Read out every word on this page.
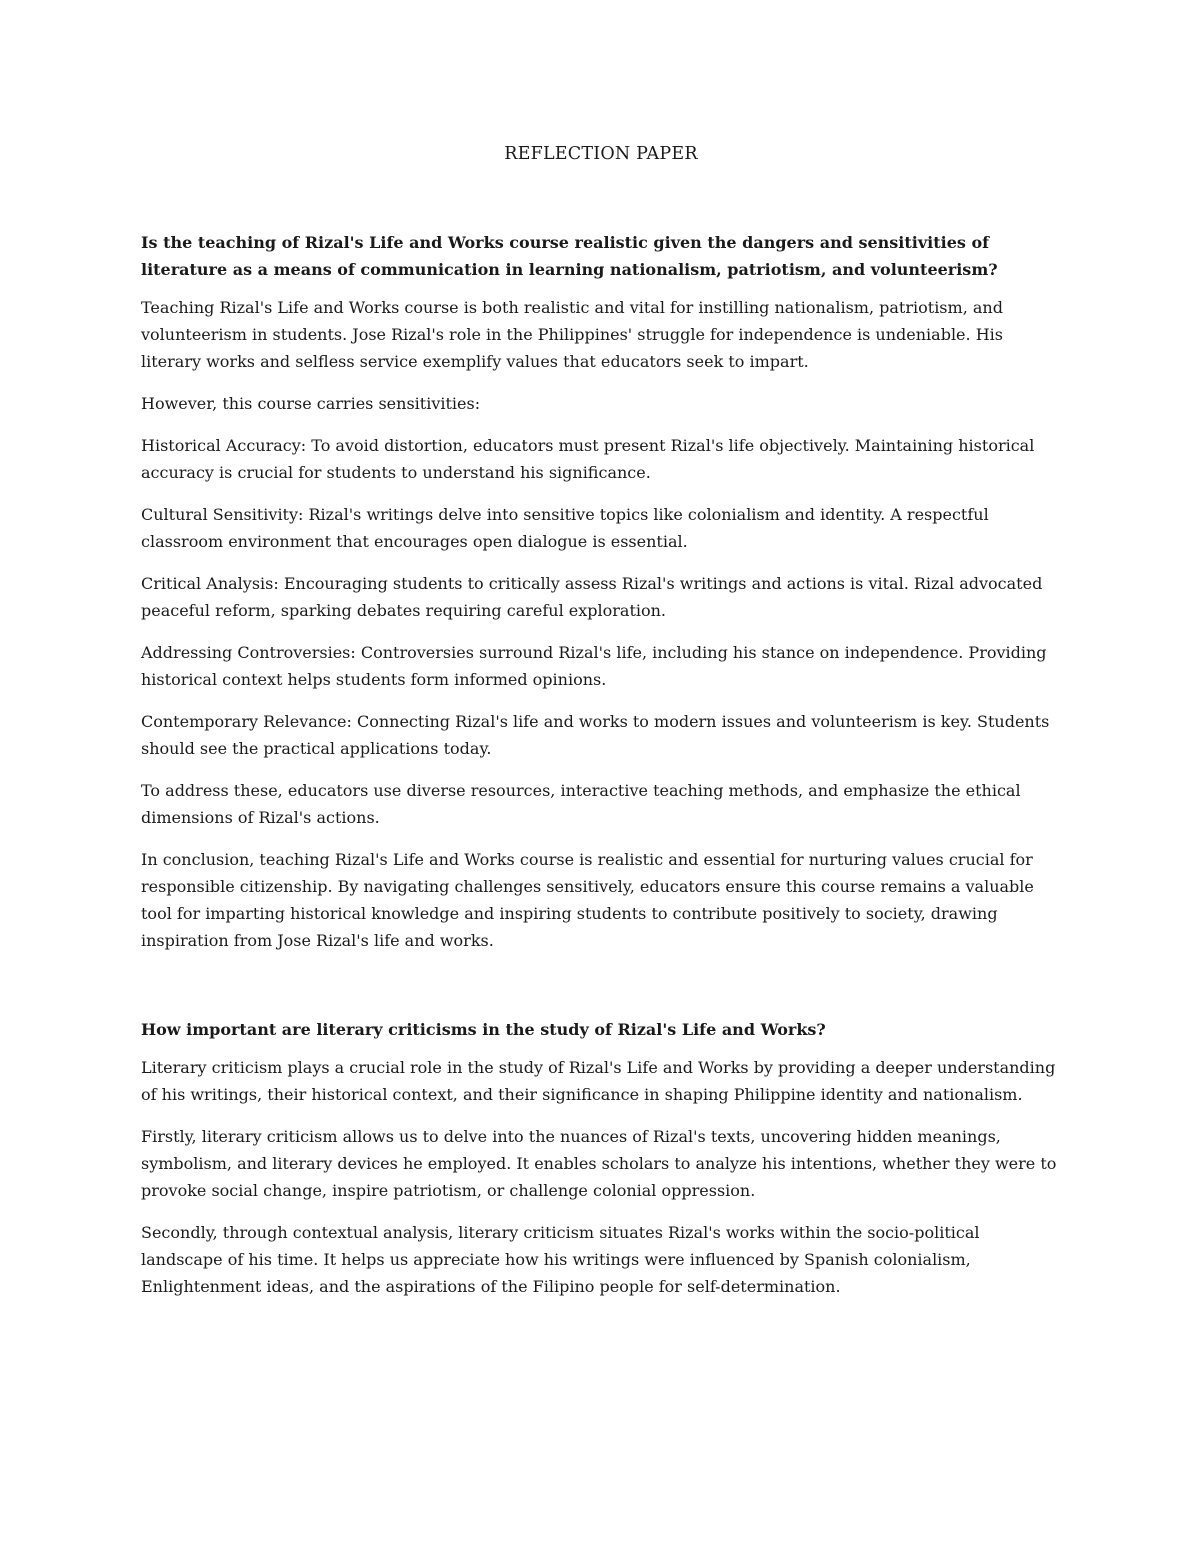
REFLECTION PAPER

Is the teaching of Rizal's Life and Works course realistic given the dangers and sensitivities of literature as a means of communication in learning nationalism, patriotism, and volunteerism?

Teaching Rizal's Life and Works course is both realistic and vital for instilling nationalism, patriotism, and volunteerism in students. Jose Rizal's role in the Philippines' struggle for independence is undeniable. His literary works and selfless service exemplify values that educators seek to impart.

However, this course carries sensitivities:

Historical Accuracy: To avoid distortion, educators must present Rizal's life objectively. Maintaining historical accuracy is crucial for students to understand his significance.

Cultural Sensitivity: Rizal's writings delve into sensitive topics like colonialism and identity. A respectful classroom environment that encourages open dialogue is essential.

Critical Analysis: Encouraging students to critically assess Rizal's writings and actions is vital. Rizal advocated peaceful reform, sparking debates requiring careful exploration.

Addressing Controversies: Controversies surround Rizal's life, including his stance on independence. Providing historical context helps students form informed opinions.

Contemporary Relevance: Connecting Rizal's life and works to modern issues and volunteerism is key. Students should see the practical applications today.

To address these, educators use diverse resources, interactive teaching methods, and emphasize the ethical dimensions of Rizal's actions.

In conclusion, teaching Rizal's Life and Works course is realistic and essential for nurturing values crucial for responsible citizenship. By navigating challenges sensitively, educators ensure this course remains a valuable tool for imparting historical knowledge and inspiring students to contribute positively to society, drawing inspiration from Jose Rizal's life and works.

How important are literary criticisms in the study of Rizal's Life and Works?

Literary criticism plays a crucial role in the study of Rizal's Life and Works by providing a deeper understanding of his writings, their historical context, and their significance in shaping Philippine identity and nationalism.

Firstly, literary criticism allows us to delve into the nuances of Rizal's texts, uncovering hidden meanings, symbolism, and literary devices he employed. It enables scholars to analyze his intentions, whether they were to provoke social change, inspire patriotism, or challenge colonial oppression.

Secondly, through contextual analysis, literary criticism situates Rizal's works within the socio-political landscape of his time. It helps us appreciate how his writings were influenced by Spanish colonialism, Enlightenment ideas, and the aspirations of the Filipino people for self-determination.
